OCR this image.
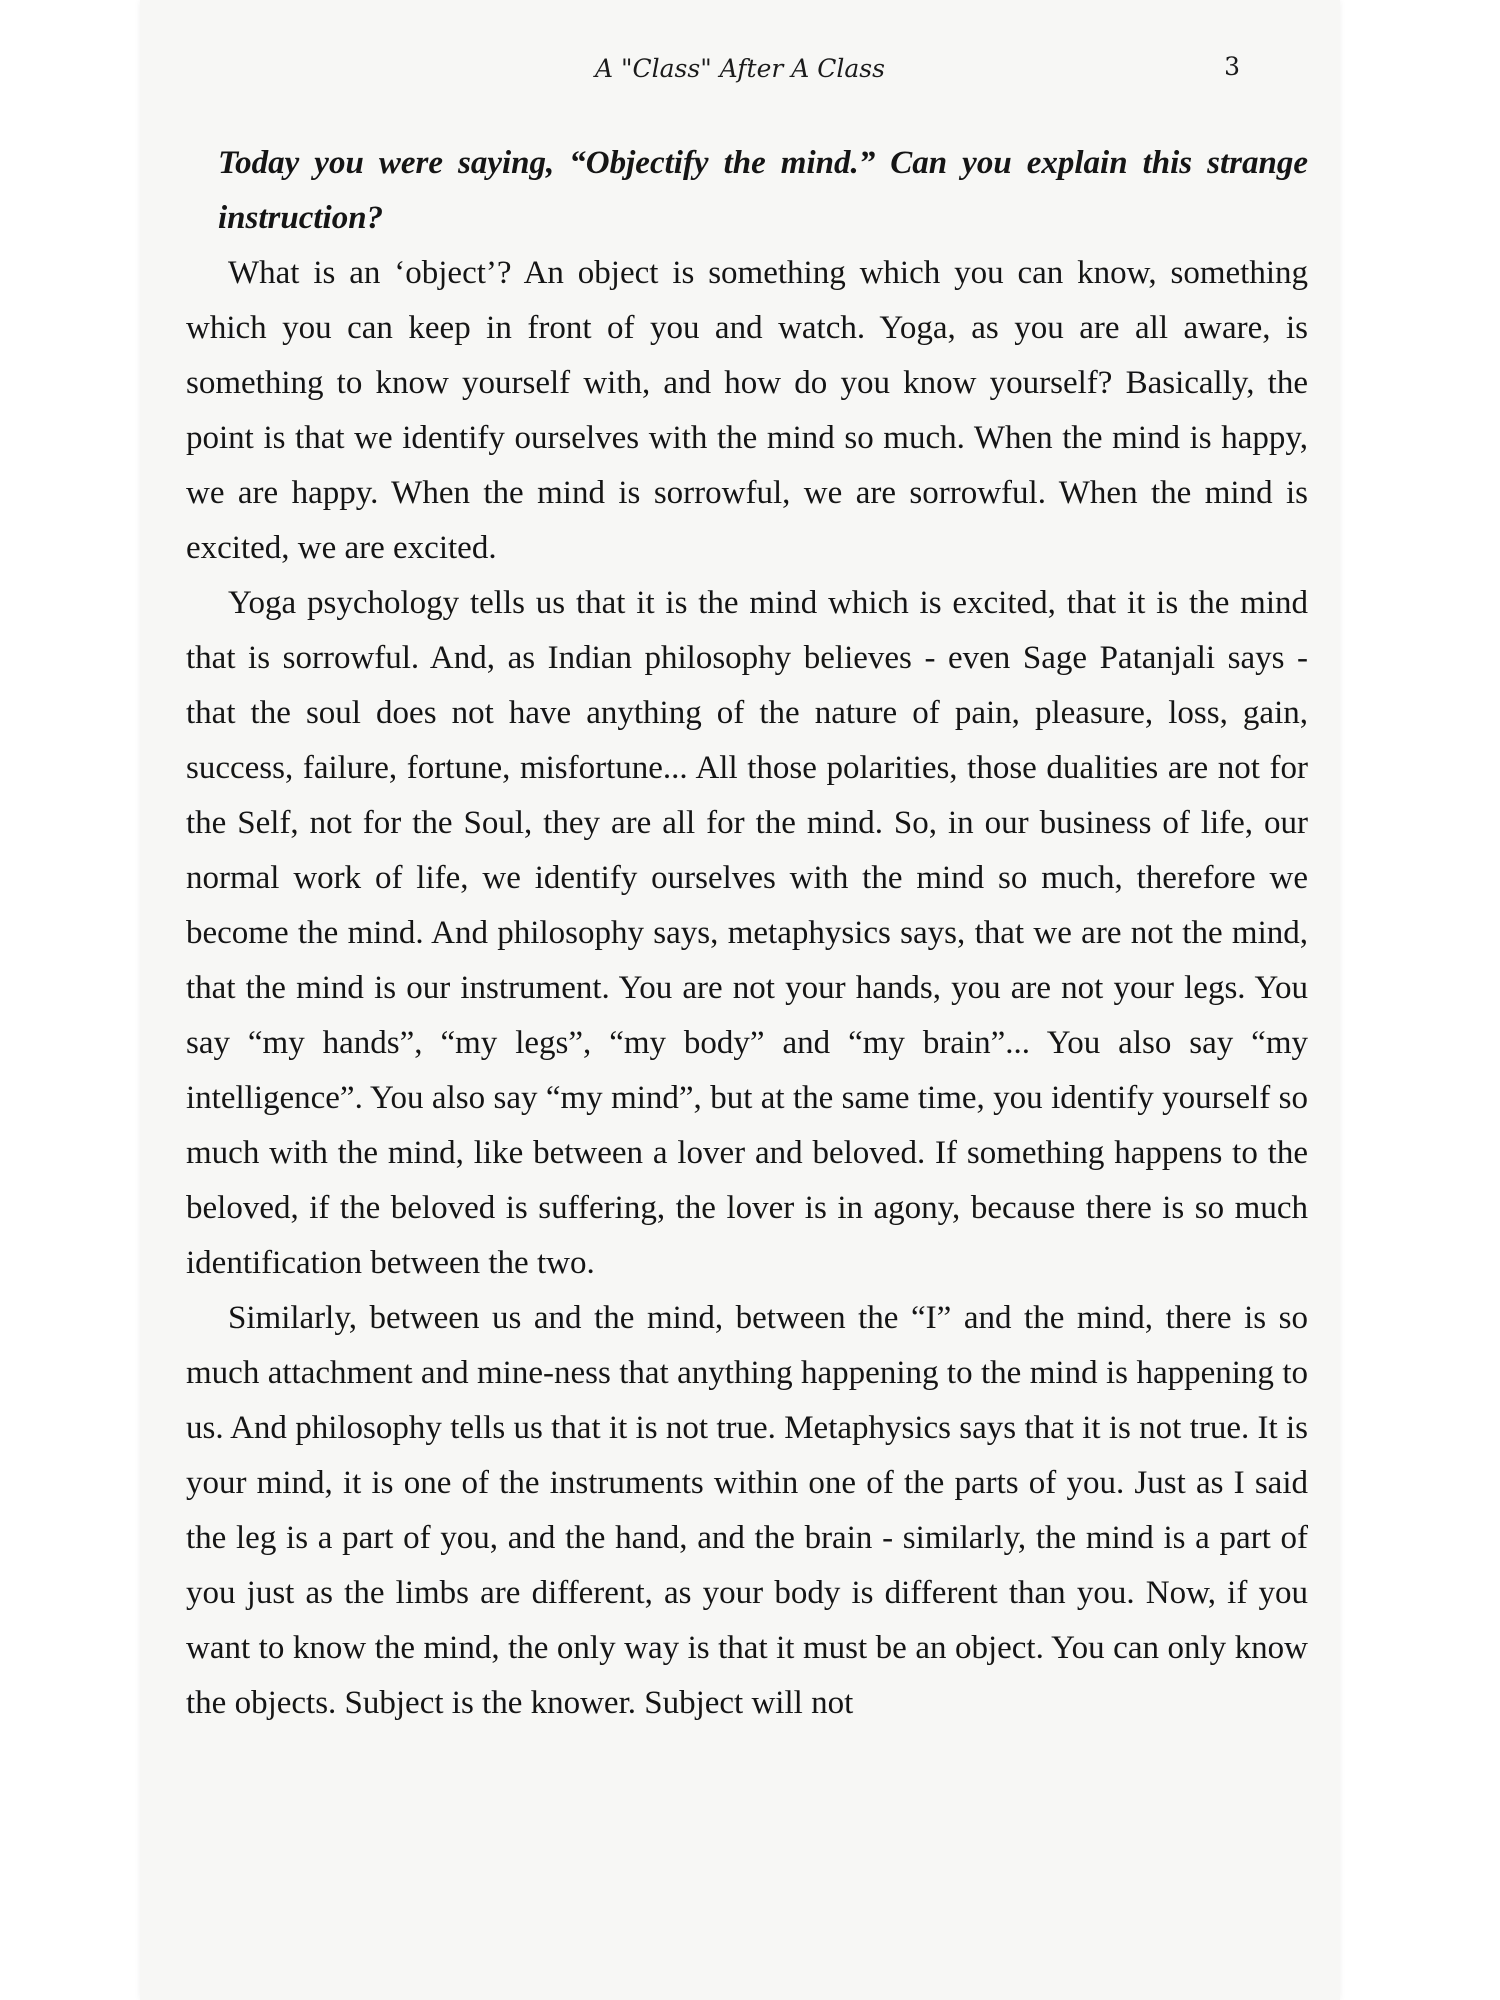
A "Class" After A Class	3

Today you were saying, “Objectify the mind.” Can you explain this strange instruction?

What is an ‘object’? An object is something which you can know, something which you can keep in front of you and watch. Yoga, as you are all aware, is something to know yourself with, and how do you know yourself? Basically, the point is that we identify ourselves with the mind so much. When the mind is happy, we are happy. When the mind is sorrowful, we are sorrowful. When the mind is excited, we are excited.

Yoga psychology tells us that it is the mind which is excited, that it is the mind that is sorrowful. And, as Indian philosophy believes - even Sage Patanjali says - that the soul does not have anything of the nature of pain, pleasure, loss, gain, success, failure, fortune, misfortune... All those polarities, those dualities are not for the Self, not for the Soul, they are all for the mind. So, in our business of life, our normal work of life, we identify ourselves with the mind so much, therefore we become the mind. And philosophy says, metaphysics says, that we are not the mind, that the mind is our instrument. You are not your hands, you are not your legs. You say “my hands”, “my legs”, “my body” and “my brain”... You also say “my intelligence”. You also say “my mind”, but at the same time, you identify yourself so much with the mind, like between a lover and beloved. If something happens to the beloved, if the beloved is suffering, the lover is in agony, because there is so much identification between the two.

Similarly, between us and the mind, between the “I” and the mind, there is so much attachment and mine-ness that anything happening to the mind is happening to us. And philosophy tells us that it is not true. Metaphysics says that it is not true. It is your mind, it is one of the instruments within one of the parts of you. Just as I said the leg is a part of you, and the hand, and the brain - similarly, the mind is a part of you just as the limbs are different, as your body is different than you. Now, if you want to know the mind, the only way is that it must be an object. You can only know the objects. Subject is the knower. Subject will not
